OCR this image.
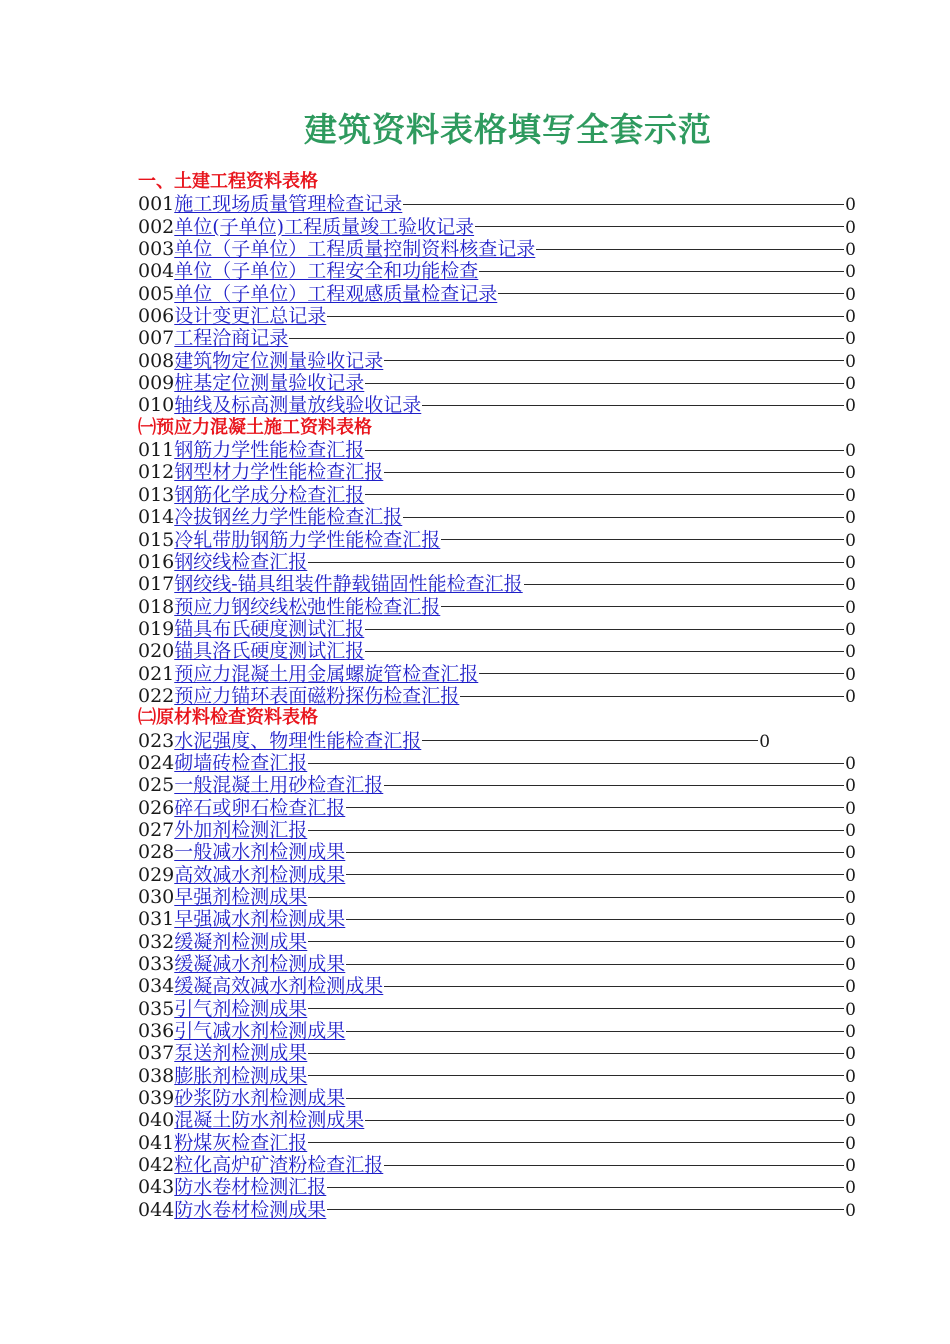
建筑资料表格填写全套示范
一、土建工程资料表格
001 施工现场质量管理检查记录	0
002 单位(子单位)工程质量竣工验收记录	0
003 单位（子单位）工程质量控制资料核查记录	0
004 单位（子单位）工程安全和功能检查	0
005 单位（子单位）工程观感质量检查记录	0
006 设计变更汇总记录	0
007 工程洽商记录	0
008 建筑物定位测量验收记录	0
009 桩基定位测量验收记录	0
010 轴线及标高测量放线验收记录	0
㈠预应力混凝土施工资料表格
011 钢筋力学性能检查汇报	0
012 钢型材力学性能检查汇报	0
013 钢筋化学成分检查汇报	0
014 冷拔钢丝力学性能检查汇报	0
015 冷轧带肋钢筋力学性能检查汇报	0
016 钢绞线检查汇报	0
017 钢绞线-锚具组装件静载锚固性能检查汇报	0
018 预应力钢绞线松弛性能检查汇报	0
019 锚具布氏硬度测试汇报	0
020 锚具洛氏硬度测试汇报	0
021 预应力混凝土用金属螺旋管检查汇报	0
022 预应力锚环表面磁粉探伤检查汇报	0
㈡原材料检查资料表格
023 水泥强度、物理性能检查汇报	0
024 砌墙砖检查汇报	0
025 一般混凝土用砂检查汇报	0
026 碎石或卵石检查汇报	0
027 外加剂检测汇报	0
028 一般减水剂检测成果	0
029 高效减水剂检测成果	0
030 早强剂检测成果	0
031 早强减水剂检测成果	0
032 缓凝剂检测成果	0
033 缓凝减水剂检测成果	0
034 缓凝高效减水剂检测成果	0
035 引气剂检测成果	0
036 引气减水剂检测成果	0
037 泵送剂检测成果	0
038 膨胀剂检测成果	0
039 砂浆防水剂检测成果	0
040 混凝土防水剂检测成果	0
041 粉煤灰检查汇报	0
042 粒化高炉矿渣粉检查汇报	0
043 防水卷材检测汇报	0
044 防水卷材检测成果	0
